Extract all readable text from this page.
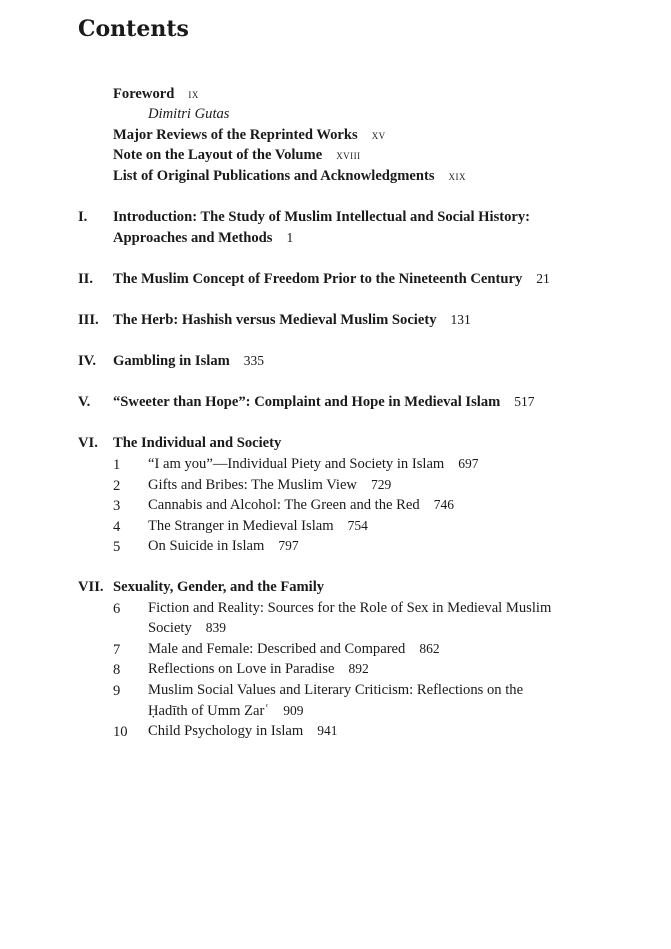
Contents
Foreword ix
Dimitri Gutas
Major Reviews of the Reprinted Works xv
Note on the Layout of the Volume xviii
List of Original Publications and Acknowledgments xix
I. Introduction: The Study of Muslim Intellectual and Social History:
Approaches and Methods 1
II. The Muslim Concept of Freedom Prior to the Nineteenth Century 21
III. The Herb: Hashish versus Medieval Muslim Society 131
IV. Gambling in Islam 335
V. “Sweeter than Hope”: Complaint and Hope in Medieval Islam 517
VI. The Individual and Society
1 “I am you”—Individual Piety and Society in Islam 697
2 Gifts and Bribes: The Muslim View 729
3 Cannabis and Alcohol: The Green and the Red 746
4 The Stranger in Medieval Islam 754
5 On Suicide in Islam 797
VII. Sexuality, Gender, and the Family
6 Fiction and Reality: Sources for the Role of Sex in Medieval Muslim
Society 839
7 Male and Female: Described and Compared 862
8 Reflections on Love in Paradise 892
9 Muslim Social Values and Literary Criticism: Reflections on the
Ḥadīth of Umm Zarʿ 909
10 Child Psychology in Islam 941
